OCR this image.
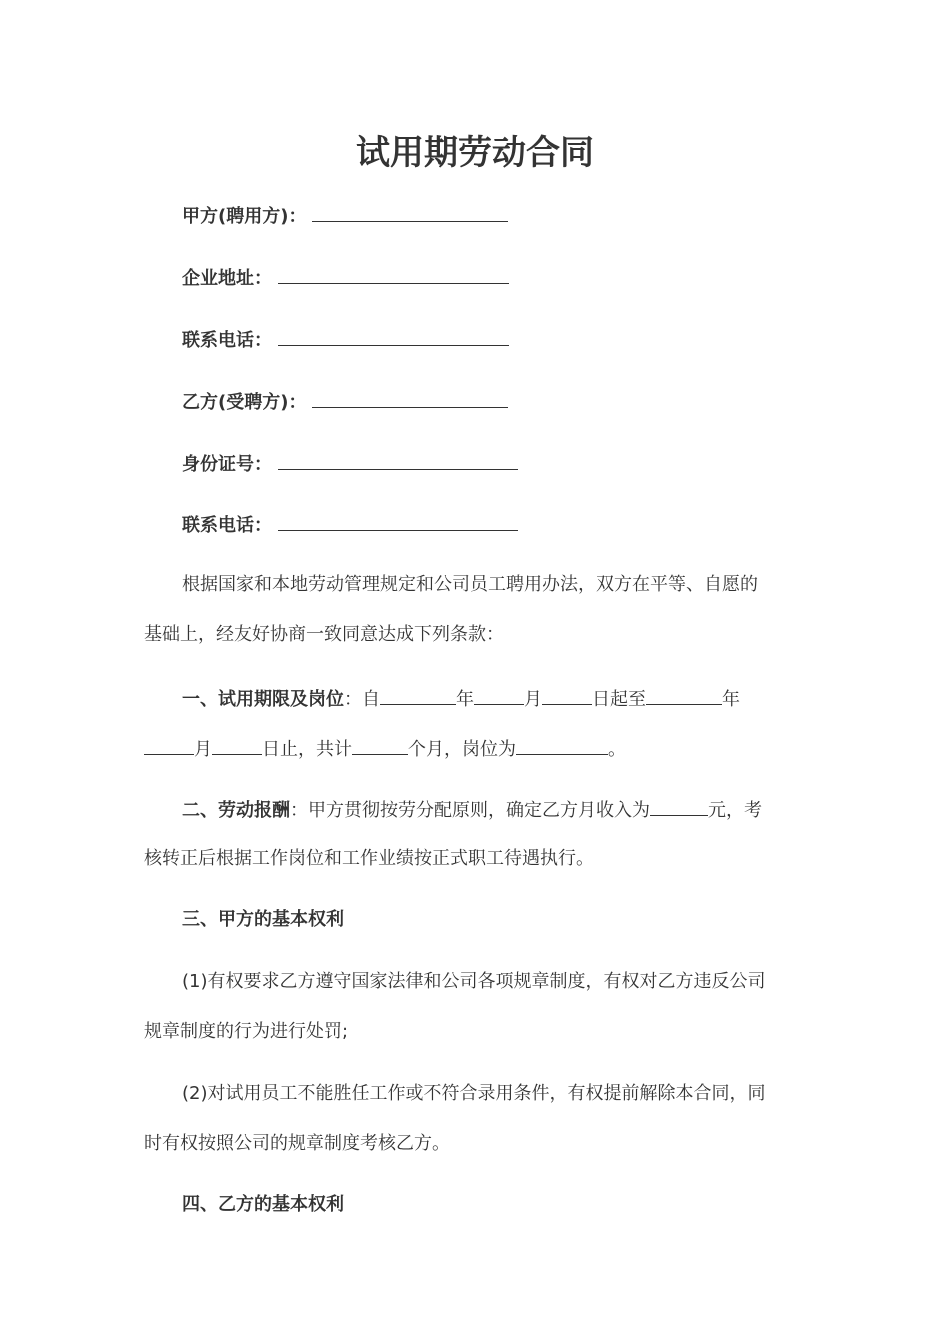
试用期劳动合同
甲方(聘用方)：
企业地址：
联系电话：
乙方(受聘方)：
身份证号：
联系电话：
根据国家和本地劳动管理规定和公司员工聘用办法，双方在平等、自愿的
基础上，经友好协商一致同意达成下列条款：
一、试用期限及岗位：自	年	月	日起至	年
月	日止，共计	个月，岗位为	。
二、劳动报酬：甲方贯彻按劳分配原则，确定乙方月收入为	元，考
核转正后根据工作岗位和工作业绩按正式职工待遇执行。
三、甲方的基本权利
(1)有权要求乙方遵守国家法律和公司各项规章制度，有权对乙方违反公司
规章制度的行为进行处罚;
(2)对试用员工不能胜任工作或不符合录用条件，有权提前解除本合同，同
时有权按照公司的规章制度考核乙方。
四、乙方的基本权利
